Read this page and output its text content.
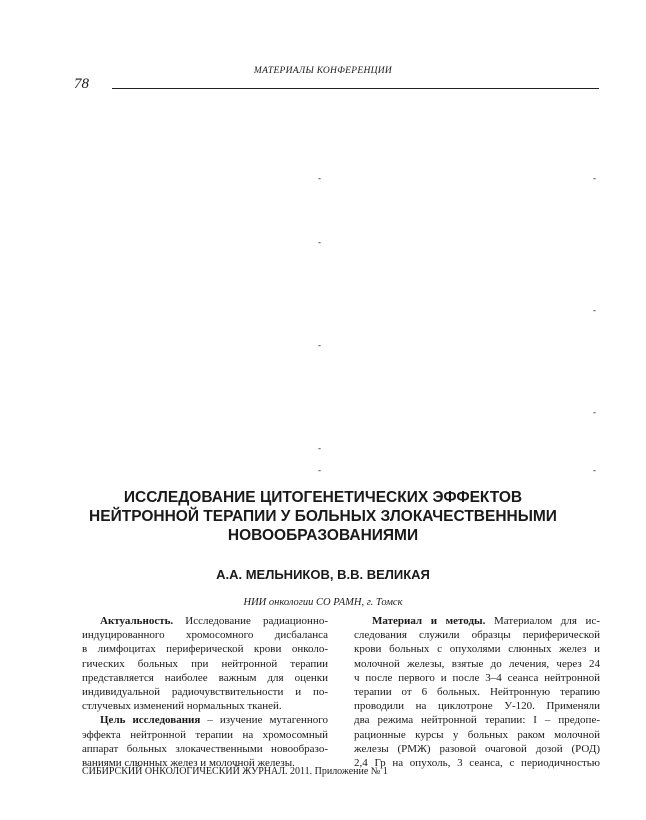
МАТЕРИАЛЫ КОНФЕРЕНЦИИ
78
-	-
-
-
-
-
-
-	-
ИССЛЕДОВАНИЕ ЦИТОГЕНЕТИЧЕСКИХ ЭФФЕКТОВ
НЕЙТРОННОЙ ТЕРАПИИ У БОЛЬНЫХ ЗЛОКАЧЕСТВЕННЫМИ
НОВООБРАЗОВАНИЯМИ
А.А. МЕЛЬНИКОВ, В.В. ВЕЛИКАЯ
НИИ онкологии СО РАМН, г. Томск
Актуальность. Исследование радиационно-
индуцированного хромосомного дисбаланса
в лимфоцитах периферической крови онколо-
гических больных при нейтронной терапии
представляется наиболее важным для оценки
индивидуальной радиочувствительности и по-
стлучевых изменений нормальных тканей.
Цель исследования – изучение мутагенного
эффекта нейтронной терапии на хромосомный
аппарат больных злокачественными новообразо-
ваниями слюнных желез и молочной железы.
Материал и методы. Материалом для ис-
следования служили образцы периферической
крови больных с опухолями слюнных желез и
молочной железы, взятые до лечения, через 24
ч после первого и после 3–4 сеанса нейтронной
терапии от 6 больных. Нейтронную терапию
проводили на циклотроне У-120. Применяли
два режима нейтронной терапии: I – предопе-
рационные курсы у больных раком молочной
железы (РМЖ) разовой очаговой дозой (РОД)
2,4 Гр на опухоль, 3 сеанса, с периодичностью
СИБИРСКИЙ ОНКОЛОГИЧЕСКИЙ ЖУРНАЛ. 2011. Приложение № 1
